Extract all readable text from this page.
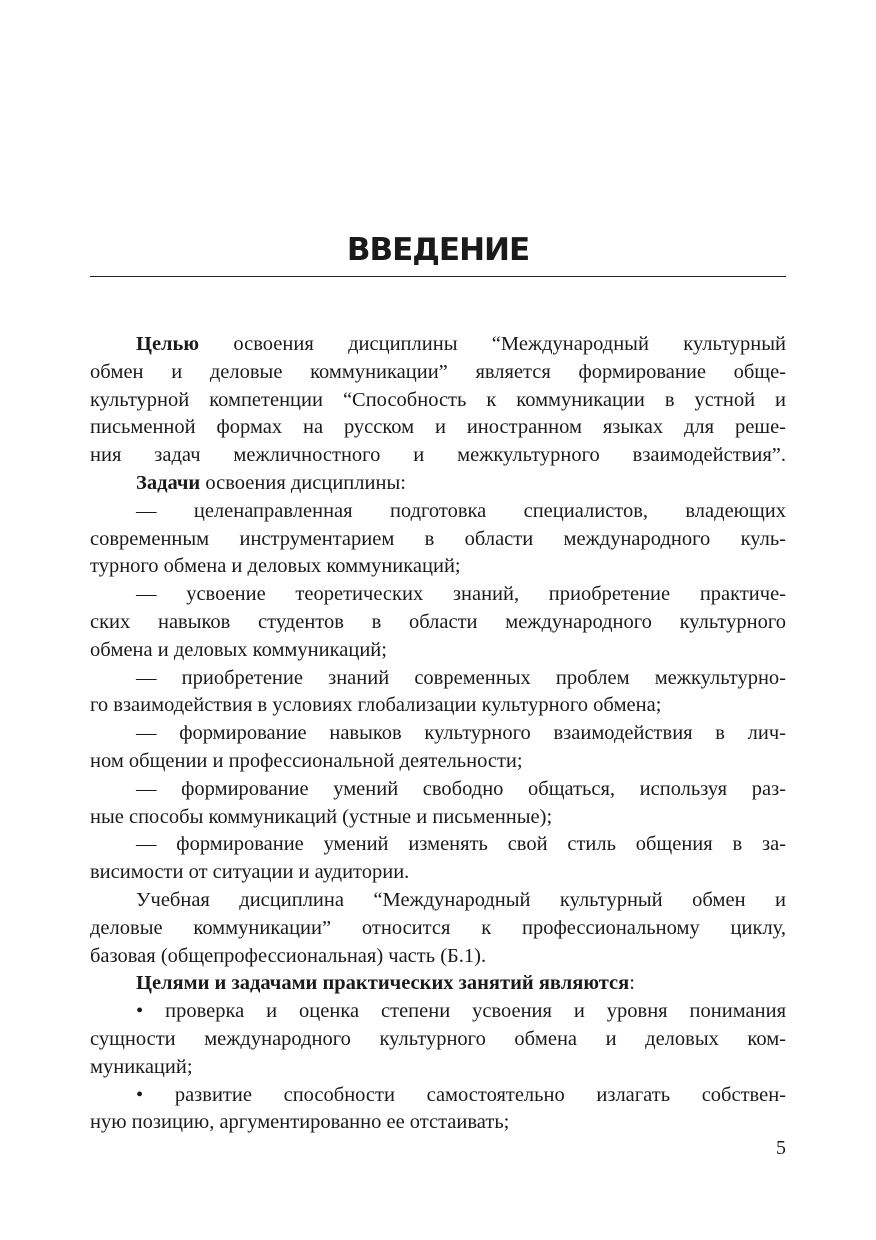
ВВЕДЕНИЕ
Целью освоения дисциплины “Международный культурный
обмен и деловые коммуникации” является формирование обще-
культурной компетенции “Способность к коммуникации в устной и
письменной формах на русском и иностранном языках для реше-
ния задач межличностного и межкультурного взаимодействия”.
Задачи освоения дисциплины:
— целенаправленная подготовка специалистов, владеющих
современным инструментарием в области международного куль-
турного обмена и деловых коммуникаций;
— усвоение теоретических знаний, приобретение практиче-
ских навыков студентов в области международного культурного
обмена и деловых коммуникаций;
— приобретение знаний современных проблем межкультурно-
го взаимодействия в условиях глобализации культурного обмена;
— формирование навыков культурного взаимодействия в лич-
ном общении и профессиональной деятельности;
— формирование умений свободно общаться, используя раз-
ные способы коммуникаций (устные и письменные);
— формирование умений изменять свой стиль общения в за-
висимости от ситуации и аудитории.
Учебная дисциплина “Международный культурный обмен и
деловые коммуникации” относится к профессиональному циклу,
базовая (общепрофессиональная) часть (Б.1).
Целями и задачами практических занятий являются:
• проверка и оценка степени усвоения и уровня понимания
сущности международного культурного обмена и деловых ком-
муникаций;
• развитие способности самостоятельно излагать собствен-
ную позицию, аргументированно ее отстаивать;
5
